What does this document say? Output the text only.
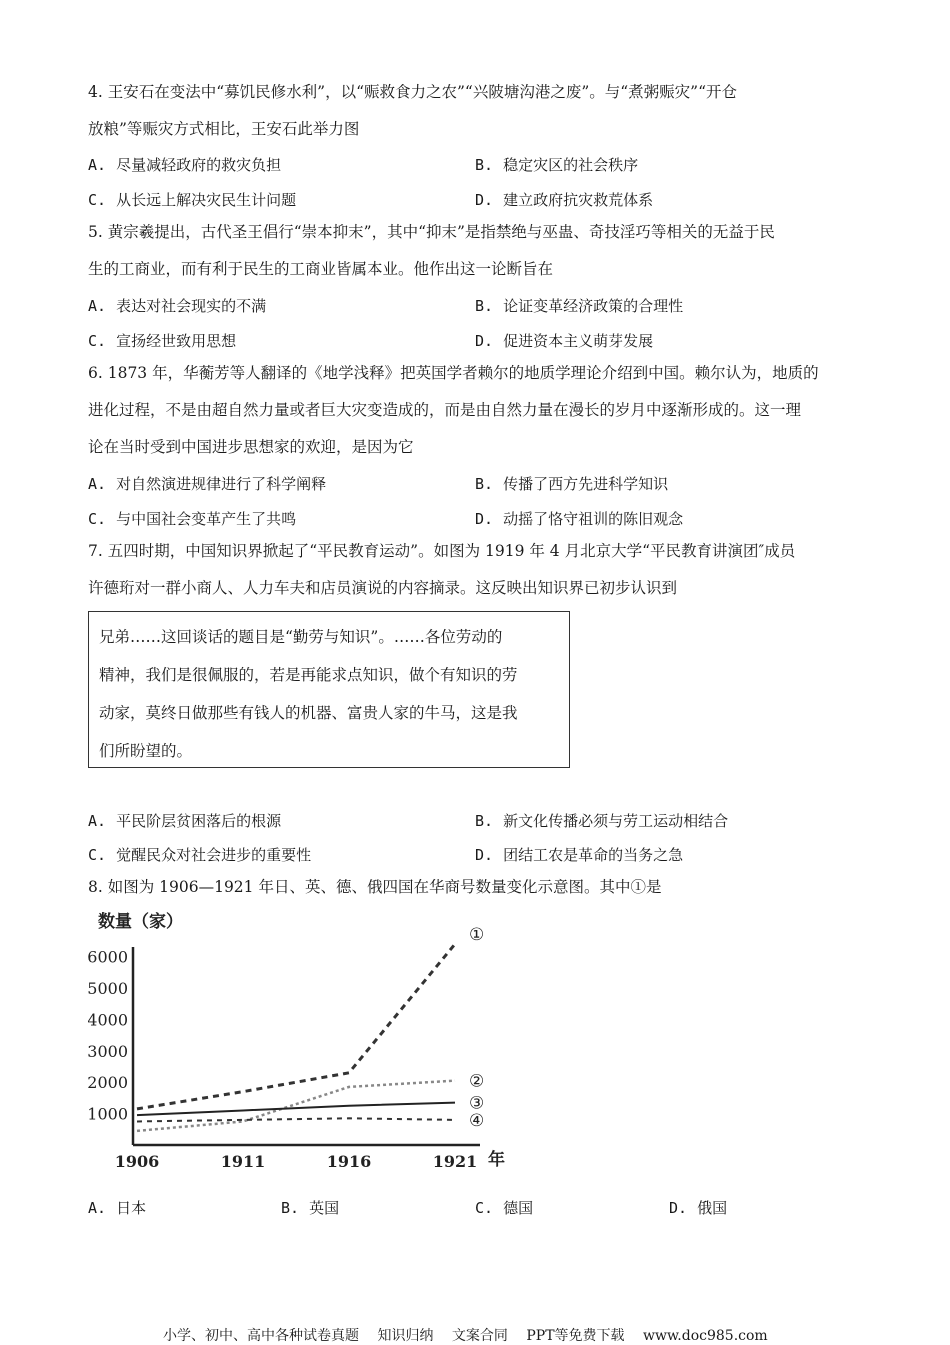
4. 王安石在变法中“募饥民修水利”，以“赈救食力之农”“兴陂塘沟港之废”。与“煮粥赈灾”“开仓
放粮”等赈灾方式相比，王安石此举力图
A. 尽量减轻政府的救灾负担	B. 稳定灾区的社会秩序
C. 从长远上解决灾民生计问题	D. 建立政府抗灾救荒体系
5. 黄宗羲提出，古代圣王倡行“崇本抑末”，其中“抑末”是指禁绝与巫蛊、奇技淫巧等相关的无益于民
生的工商业，而有利于民生的工商业皆属本业。他作出这一论断旨在
A. 表达对社会现实的不满	B. 论证变革经济政策的合理性
C. 宣扬经世致用思想	D. 促进资本主义萌芽发展
6. 1873 年，华蘅芳等人翻译的《地学浅释》把英国学者赖尔的地质学理论介绍到中国。赖尔认为，地质的
进化过程，不是由超自然力量或者巨大灾变造成的，而是由自然力量在漫长的岁月中逐渐形成的。这一理
论在当时受到中国进步思想家的欢迎，是因为它
A. 对自然演进规律进行了科学阐释	B. 传播了西方先进科学知识
C. 与中国社会变革产生了共鸣	D. 动摇了恪守祖训的陈旧观念
7. 五四时期，中国知识界掀起了“平民教育运动”。如图为 1919 年 4 月北京大学“平民教育讲演团″成员
许德珩对一群小商人、人力车夫和店员演说的内容摘录。这反映出知识界已初步认识到
兄弟……这回谈话的题目是“勤劳与知识”。……各位劳动的
精神，我们是很佩服的，若是再能求点知识，做个有知识的劳
动家，莫终日做那些有钱人的机器、富贵人家的牛马，这是我
们所盼望的。
A. 平民阶层贫困落后的根源	B. 新文化传播必须与劳工运动相结合
C. 觉醒民众对社会进步的重要性	D. 团结工农是革命的当务之急
8. 如图为 1906—1921 年日、英、德、俄四国在华商号数量变化示意图。其中①是
数量（家）
年
1000
2000
3000
4000
5000
6000
1906	1911	1916	1921
①
②
③
④
A. 日本	B. 英国	C. 德国	D. 俄国
小学、初中、高中各种试卷真题 知识归纳 文案合同 PPT等免费下载 www.doc985.com
